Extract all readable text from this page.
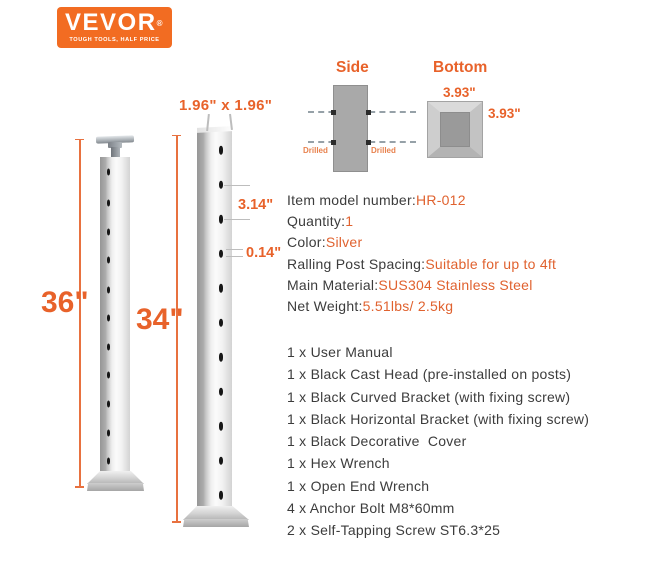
VEVOR®
TOUGH TOOLS, HALF PRICE
36"
34"
1.96" x 1.96"
3.14"
0.14"
Side
Drilled	Drilled
Bottom
3.93"
3.93"
Item model number:HR-012
Quantity:1
Color:Silver
Ralling Post Spacing:Suitable for up to 4ft
Main Material:SUS304 Stainless Steel
Net Weight:5.51lbs/ 2.5kg
1 x User Manual
1 x Black Cast Head (pre-installed on posts)
1 x Black Curved Bracket (with fixing screw)
1 x Black Horizontal Bracket (with fixing screw)
1 x Black Decorative  Cover
1 x Hex Wrench
1 x Open End Wrench
4 x Anchor Bolt M8*60mm
2 x Self-Tapping Screw ST6.3*25
